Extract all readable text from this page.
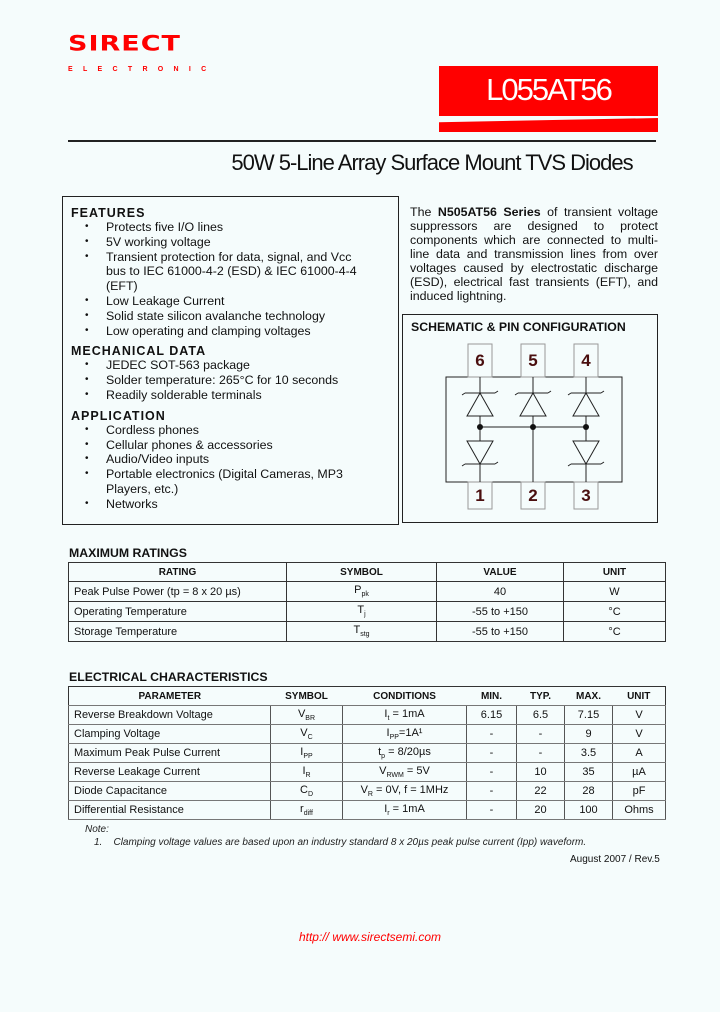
SIRECT
ELECTRONIC
L055AT56
50W 5-Line Array Surface Mount TVS Diodes
FEATURES
• Protects five I/O lines
• 5V working voltage
• Transient protection for data, signal, and Vcc bus to IEC 61000-4-2 (ESD) & IEC 61000-4-4 (EFT)
• Low Leakage Current
• Solid state silicon avalanche technology
• Low operating and clamping voltages
MECHANICAL DATA
• JEDEC SOT-563 package
• Solder temperature: 265°C for 10 seconds
• Readily solderable terminals
APPLICATION
• Cordless phones
• Cellular phones & accessories
• Audio/Video inputs
• Portable electronics (Digital Cameras, MP3 Players, etc.)
• Networks
The N505AT56 Series of transient voltage suppressors are designed to protect components which are connected to multi-line data and transmission lines from over voltages caused by electrostatic discharge (ESD), electrical fast transients (EFT), and induced lightning.
SCHEMATIC & PIN CONFIGURATION
6	5	4
1	2	3
MAXIMUM RATINGS
RATING	SYMBOL	VALUE	UNIT
Peak Pulse Power (tp = 8 x 20 µs)	$P_{pk}$	40	W
Operating Temperature	$T_j$	-55 to +150	°C
Storage Temperature	$T_{stg}$	-55 to +150	°C
ELECTRICAL CHARACTERISTICS
PARAMETER	SYMBOL	CONDITIONS	MIN.	TYP.	MAX.	UNIT
Reverse Breakdown Voltage	$V_{BR}$	$I_t = 1mA$	6.15	6.5	7.15	V
Clamping Voltage	$V_C$	$I_{PP}=1A^1$	-	-	9	V
Maximum Peak Pulse Current	$I_{PP}$	$t_p = 8/20\mu s$	-	-	3.5	A
Reverse Leakage Current	$I_R$	$V_{RWM} = 5V$	-	10	35	µA
Diode Capacitance	$C_D$	$V_R = 0V$, f = 1MHz	-	22	28	pF
Differential Resistance	$r_{diff}$	$I_r = 1mA$	-	20	100	Ohms
Note:
1. Clamping voltage values are based upon an industry standard 8 x 20µs peak pulse current (Ipp) waveform.
August 2007 / Rev.5
http:// www.sirectsemi.com
